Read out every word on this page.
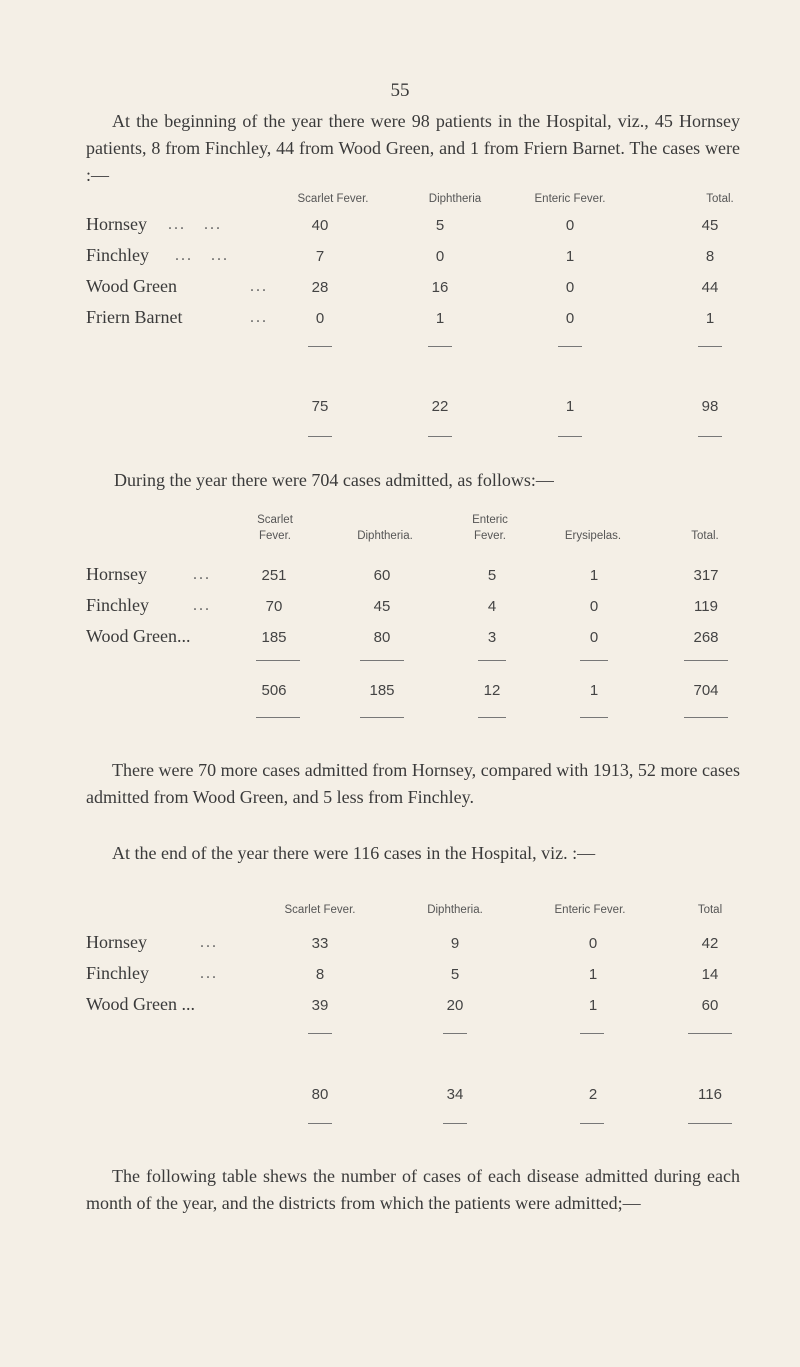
55

At the beginning of the year there were 98 patients in the Hospital, viz., 45 Hornsey patients, 8 from Finchley, 44 from Wood Green, and 1 from Friern Barnet. The cases were :—

Scarlet Fever.	Diphtheria	Enteric Fever.	Total.
Hornsey ...   ...	40	5	0	45
Finchley ...   ...	7	0	1	8
Wood Green	...	28	16	0	44
Friern Barnet	...	0	1	0	1
75	22	1	98

During the year there were 704 cases admitted, as follows:—

Scarlet
Fever.
	Diphtheria.
Enteric
Fever.
	Erysipelas.
	Total.
Hornsey	...	251	60	5	1	317
Finchley	...	70	45	4	0	119
Wood Green...	185	80	3	0	268
506	185	12	1	704

There were 70 more cases admitted from Hornsey, compared with 1913, 52 more cases admitted from Wood Green, and 5 less from Finchley.

At the end of the year there were 116 cases in the Hospital, viz. :—

Scarlet Fever.	Diphtheria.	Enteric Fever.	Total
Hornsey	...	33	9	0	42
Finchley	...	8	5	1	14
Wood Green ...	39	20	1	60
80	34	2	116

The following table shews the number of cases of each disease admitted during each month of the year, and the districts from which the patients were admitted;—
